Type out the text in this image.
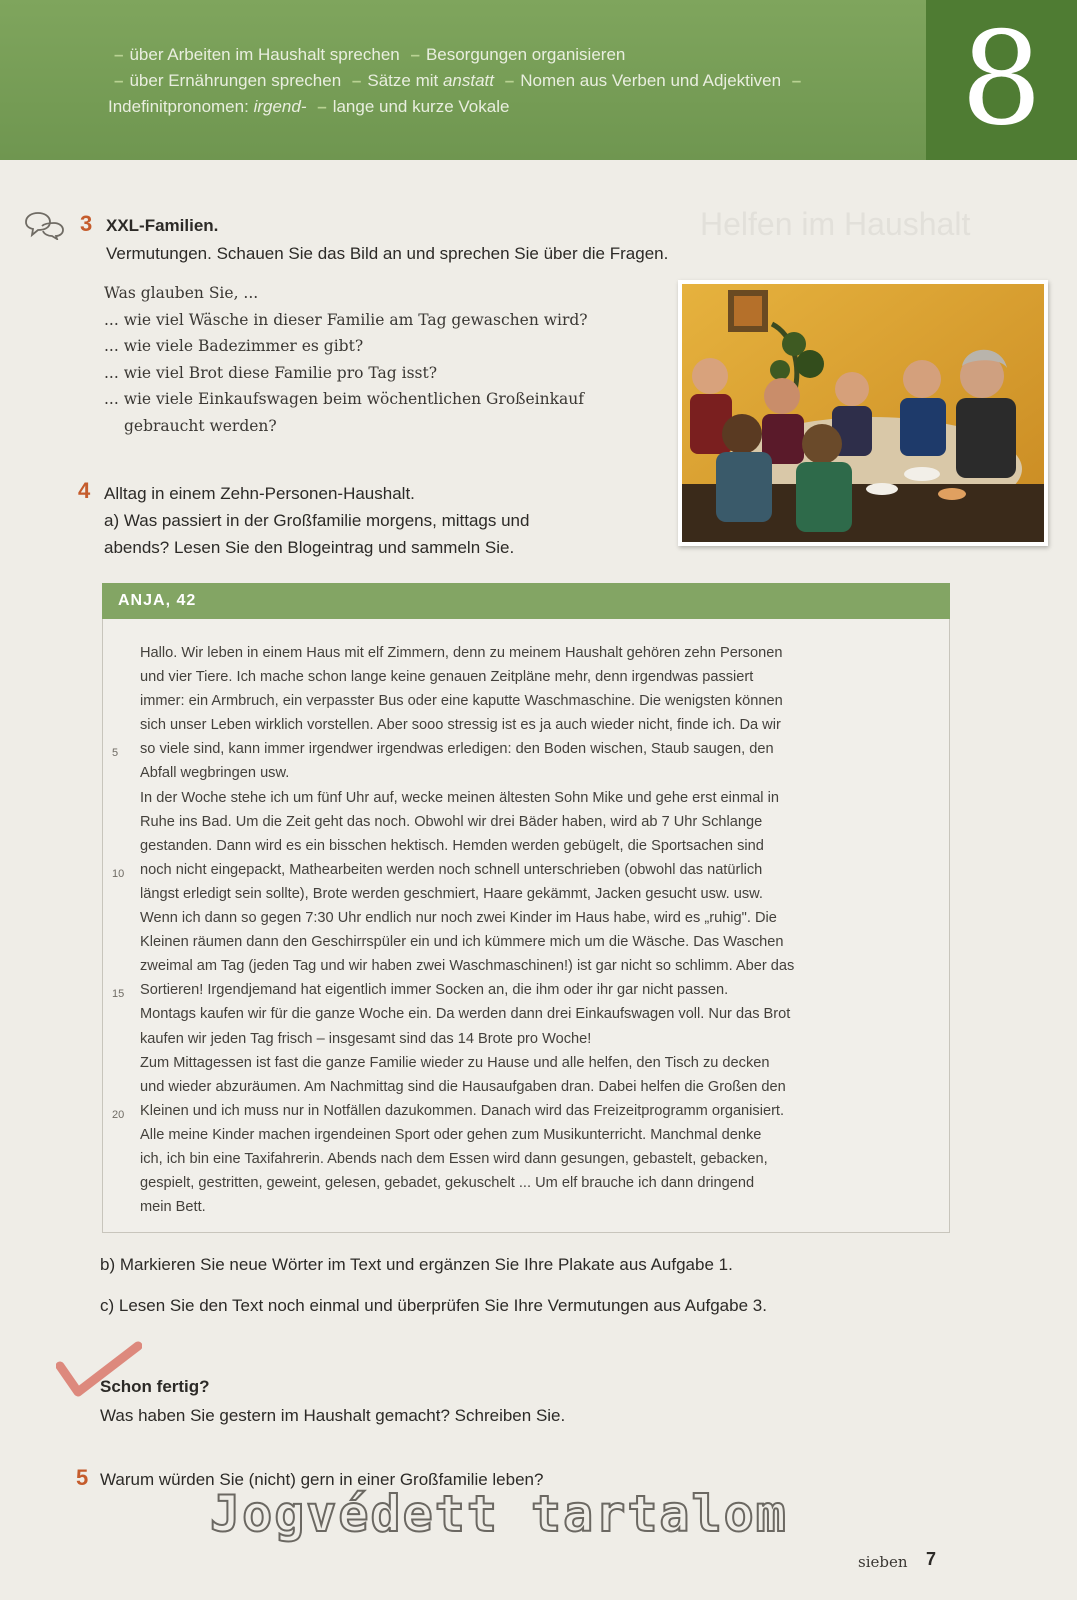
– über Arbeiten im Haushalt sprechen – Besorgungen organisieren
– über Ernährungen sprechen – Sätze mit anstatt – Nomen aus Verben und Adjektiven –Indefinitpronomen: irgend- – lange und kurze Vokale	8
Helfen im Haushalt
3 XXL-Familien.
Vermutungen. Schauen Sie das Bild an und sprechen Sie über die Fragen.
Was glauben Sie, ...
... wie viel Wäsche in dieser Familie am Tag gewaschen wird?
... wie viele Badezimmer es gibt?
... wie viel Brot diese Familie pro Tag isst?
... wie viele Einkaufswagen beim wöchentlichen Großeinkauf
gebraucht werden?
4 Alltag in einem Zehn-Personen-Haushalt.
a) Was passiert in der Großfamilie morgens, mittags und
abends? Lesen Sie den Blogeintrag und sammeln Sie.
ANJA, 42
Hallo. Wir leben in einem Haus mit elf Zimmern, denn zu meinem Haushalt gehören zehn Personen
und vier Tiere. Ich mache schon lange keine genauen Zeitpläne mehr, denn irgendwas passiert
immer: ein Armbruch, ein verpasster Bus oder eine kaputte Waschmaschine. Die wenigsten können
sich unser Leben wirklich vorstellen. Aber sooo stressig ist es ja auch wieder nicht, finde ich. Da wir
so viele sind, kann immer irgendwer irgendwas erledigen: den Boden wischen, Staub saugen, den
Abfall wegbringen usw.
In der Woche stehe ich um fünf Uhr auf, wecke meinen ältesten Sohn Mike und gehe erst einmal in
Ruhe ins Bad. Um die Zeit geht das noch. Obwohl wir drei Bäder haben, wird ab 7 Uhr Schlange
gestanden. Dann wird es ein bisschen hektisch. Hemden werden gebügelt, die Sportsachen sind
noch nicht eingepackt, Mathearbeiten werden noch schnell unterschrieben (obwohl das natürlich
längst erledigt sein sollte), Brote werden geschmiert, Haare gekämmt, Jacken gesucht usw. usw.
Wenn ich dann so gegen 7:30 Uhr endlich nur noch zwei Kinder im Haus habe, wird es „ruhig". Die
Kleinen räumen dann den Geschirrspüler ein und ich kümmere mich um die Wäsche. Das Waschen
zweimal am Tag (jeden Tag und wir haben zwei Waschmaschinen!) ist gar nicht so schlimm. Aber das
Sortieren! Irgendjemand hat eigentlich immer Socken an, die ihm oder ihr gar nicht passen.
Montags kaufen wir für die ganze Woche ein. Da werden dann drei Einkaufswagen voll. Nur das Brot
kaufen wir jeden Tag frisch – insgesamt sind das 14 Brote pro Woche!
Zum Mittagessen ist fast die ganze Familie wieder zu Hause und alle helfen, den Tisch zu decken
und wieder abzuräumen. Am Nachmittag sind die Hausaufgaben dran. Dabei helfen die Großen den
Kleinen und ich muss nur in Notfällen dazukommen. Danach wird das Freizeitprogramm organisiert.
Alle meine Kinder machen irgendeinen Sport oder gehen zum Musikunterricht. Manchmal denke
ich, ich bin eine Taxifahrerin. Abends nach dem Essen wird dann gesungen, gebastelt, gebacken,
gespielt, gestritten, geweint, gelesen, gebadet, gekuschelt ... Um elf brauche ich dann dringend
mein Bett.
5
10
15
20
b) Markieren Sie neue Wörter im Text und ergänzen Sie Ihre Plakate aus Aufgabe 1.
c) Lesen Sie den Text noch einmal und überprüfen Sie Ihre Vermutungen aus Aufgabe 3.
Schon fertig?
Was haben Sie gestern im Haushalt gemacht? Schreiben Sie.
5 Warum würden Sie (nicht) gern in einer Großfamilie leben?
Jogvédett tartalom
sieben 7
